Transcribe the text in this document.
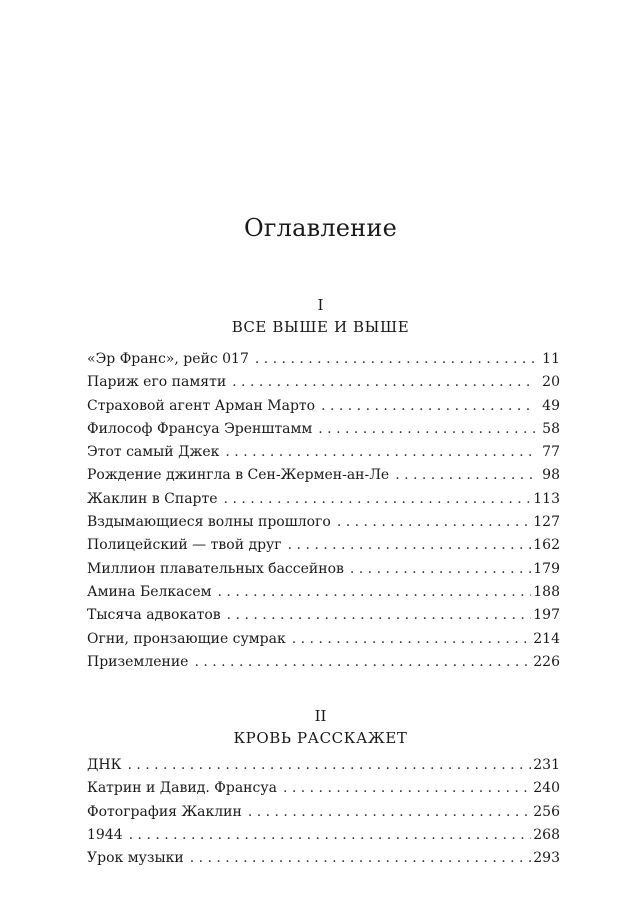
Оглавление
I
ВСЕ ВЫШЕ И ВЫШЕ
«Эр Франс», рейс 017 . . .	11
Париж его памяти . . .	20
Страховой агент Арман Марто . . .	49
Философ Франсуа Эренштамм . . .	58
Этот самый Джек . . .	77
Рождение джингла в Сен-Жермен-ан-Ле . . .	98
Жаклин в Спарте . . .	113
Вздымающиеся волны прошлого . . .	127
Полицейский — твой друг . . .	162
Миллион плавательных бассейнов . . .	179
Амина Белкасем . . .	188
Тысяча адвокатов . . .	197
Огни, пронзающие сумрак . . .	214
Приземление . . .	226
II
КРОВЬ РАССКАЖЕТ
ДНК . . .	231
Катрин и Давид. Франсуа . . .	240
Фотография Жаклин . . .	256
1944 . . .	268
Урок музыки . . .	293
